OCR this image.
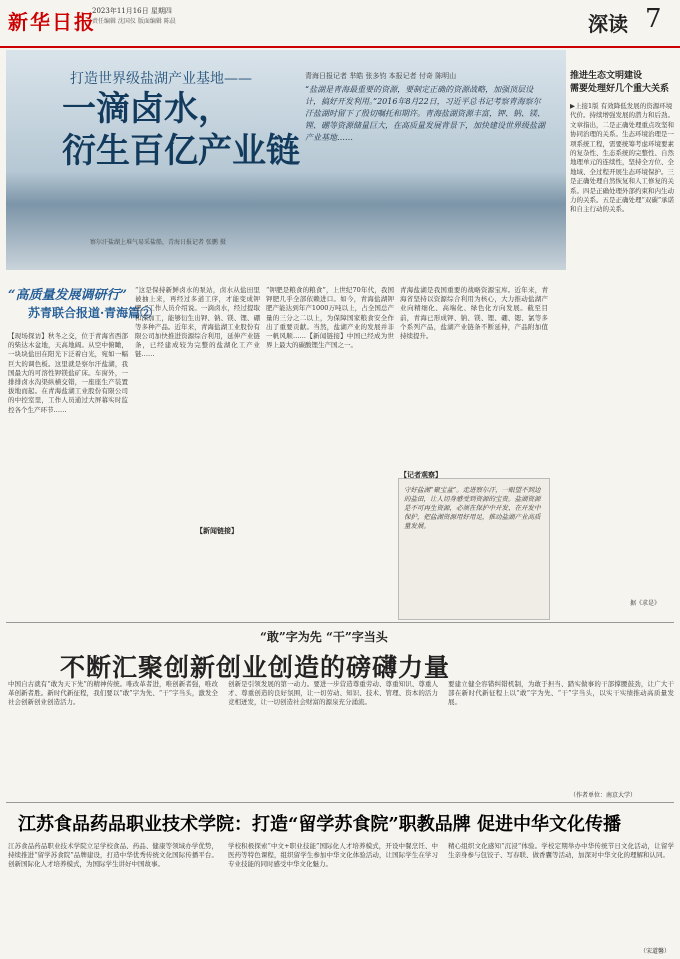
新华日报
2023年11月16日 星期四
责任编辑 沈国仪 版面编辑 陈晨	深读 7
打造世界级盐湖产业基地——
一滴卤水，
衍生百亿产业链
青海日报记者 芈皓 张多钧 本报记者 付奇 陈明山
“盐湖是青海最重要的资源，要制定正确的资源战略，加强顶层设计，搞好开发利用。”2016年8月22日，习近平总书记考察青海察尔汗盐湖时留下了殷切嘱托和期许。青海盐湖资源丰富，钾、钠、镁、锂、硼等资源储量巨大，在高质量发展背景下，加快建设世界级盐湖产业基地……
察尔汗盐湖上堆气易采盐船，青海日报记者 张鹏 摄
推进生态文明建设
需要处理好几个重大关系
▶上接1版 有效降低发展的资源环境代价。持续增强发展的潜力和后劲。文章指出，二是正确处理重点攻坚和协同治理的关系。生态环境治理是一项系统工程，需要统筹考虑环境要素的复杂性、生态系统的完整性、自然地理单元的连续性，坚持全方位、全地域、全过程开展生态环境保护。三是正确处理自然恢复和人工修复的关系。四是正确处理外部约束和内生动力的关系。五是正确处理“双碳”承诺和自主行动的关系。
据《求是》
“高质量发展调研行”
苏青联合报道·青海篇②
【现场探访】秋冬之交，位于青海省西部的柴达木盆地，天高地阔。从空中俯瞰，一块块盐田在阳光下泛着白光，宛如一幅巨大的调色板。这里就是察尔汗盐湖，我国最大的可溶性钾镁盐矿床。车窗外，一排排卤水沟渠纵横交错，一座座生产装置拔地而起。在青海盐湖工业股份有限公司的中控室里，工作人员通过大屏幕实时监控各个生产环节……
“这是保持新鲜卤水的泵站，卤水从盐田里被抽上来，再经过多道工序，才能变成钾肥。”工作人员介绍说。一滴卤水，经过提取和深加工，能够衍生出钾、钠、镁、锂、硼等多种产品。近年来，青海盐湖工业股份有限公司加快推进资源综合利用，延伸产业链条，已经建成较为完整的盐湖化工产业链……
“钾肥是粮食的粮食”，上世纪70年代，我国钾肥几乎全部依赖进口。如今，青海盐湖钾肥产能达到年产1000万吨以上，占全国总产量的三分之二以上，为保障国家粮食安全作出了重要贡献。当然，盐湖产业的发展并非一帆风顺……【新闻链接】中国已经成为世界上最大的碳酸锂生产国之一。
青海盐湖是我国重要的战略资源宝库。近年来，青海省坚持以资源综合利用为核心，大力推动盐湖产业向精细化、高端化、绿色化方向发展。截至目前，青海已形成钾、钠、镁、锂、硼、锶、氯等多个系列产品，盐湖产业链条不断延伸，产品附加值持续提升。
【新闻链接】
【记者观察】
守好盐湖“聚宝盆”。走进察尔汗，一眼望不到边的盐田，让人切身感受到资源的宝贵。盐湖资源是不可再生资源，必须在保护中开发、在开发中保护，把盐湖资源用好用足，推动盐湖产业高质量发展。
“敢”字为先 “干”字当头
不断汇聚创新创业创造的磅礴力量
中国自古就有“敢为天下先”的精神传统。唯改革者进，唯创新者强，唯改革创新者胜。新时代新征程，我们要以“敢”字为先、“干”字当头，激发全社会创新创业创造活力。
创新是引领发展的第一动力。要进一步营造尊重劳动、尊重知识、尊重人才、尊重创造的良好氛围，让一切劳动、知识、技术、管理、资本的活力竞相迸发，让一切创造社会财富的源泉充分涌流。
要建立健全容错纠错机制，为敢于担当、踏实做事的干部撑腰鼓劲，让广大干部在新时代新征程上以“敢”字为先、“干”字当头，以实干实绩推动高质量发展。
（作者单位：南京大学）
江苏食品药品职业技术学院：打造“留学苏食院”职教品牌 促进中华文化传播
江苏食品药品职业技术学院立足学校食品、药品、健康等领域办学优势，持续推进“留学苏食院”品牌建设，打造中华优秀传统文化国际传播平台。创新国际化人才培养模式，为国际学生讲好中国故事。
学校积极探索“中文+职业技能”国际化人才培养模式，开设中餐烹饪、中医药等特色课程，组织留学生参加中华文化体验活动，让国际学生在学习专业技能的同时感受中华文化魅力。
精心组织文化感知“沉浸”体验。学校定期举办中华传统节日文化活动，让留学生亲身参与包饺子、写春联、做香囊等活动，加深对中华文化的理解和认同。
（宋道馨）
